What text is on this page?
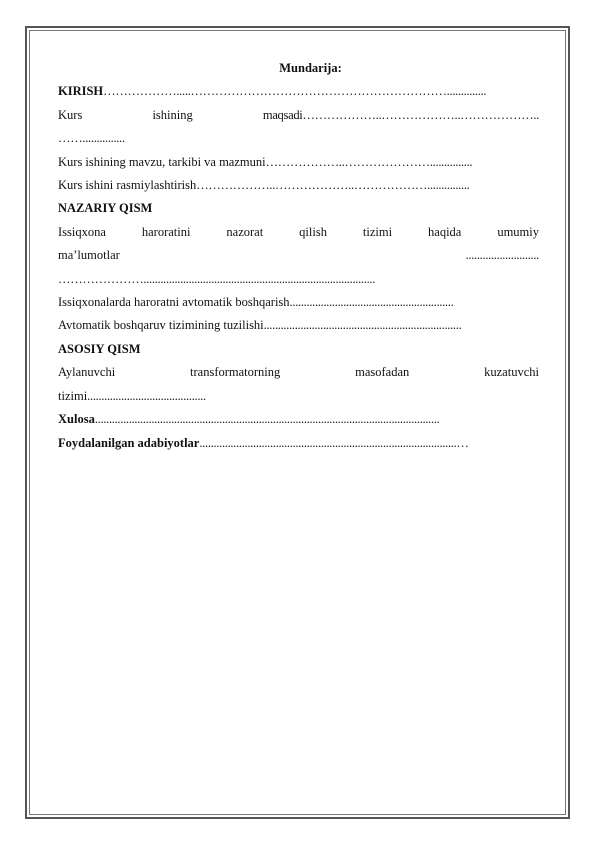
Mundarija:

KIRISH……………….....………………………………………………………..............
Kurs	ishining	maqsadi………………..………………..………………..
……...............
Kurs ishining mavzu, tarkibi va mazmuni………………..…………………...............
Kurs ishini rasmiylashtirish………………..………………..………………...............
NAZARIY QISM
Issiqxona	haroratini	nazorat	qilish	tizimi	haqida	umumiy
ma’lumotlar	..........................
…………………..................................................................................
Issiqxonalarda haroratni avtomatik boshqarish..........................................................
Avtomatik boshqaruv tizimining tuzilishi......................................................................
ASOSIY QISM
Aylanuvchi	transformatorning	masofadan	kuzatuvchi
tizimi..........................................
Xulosa..........................................................................................................................
Foydalanilgan adabiyotlar...........................................................................................…
